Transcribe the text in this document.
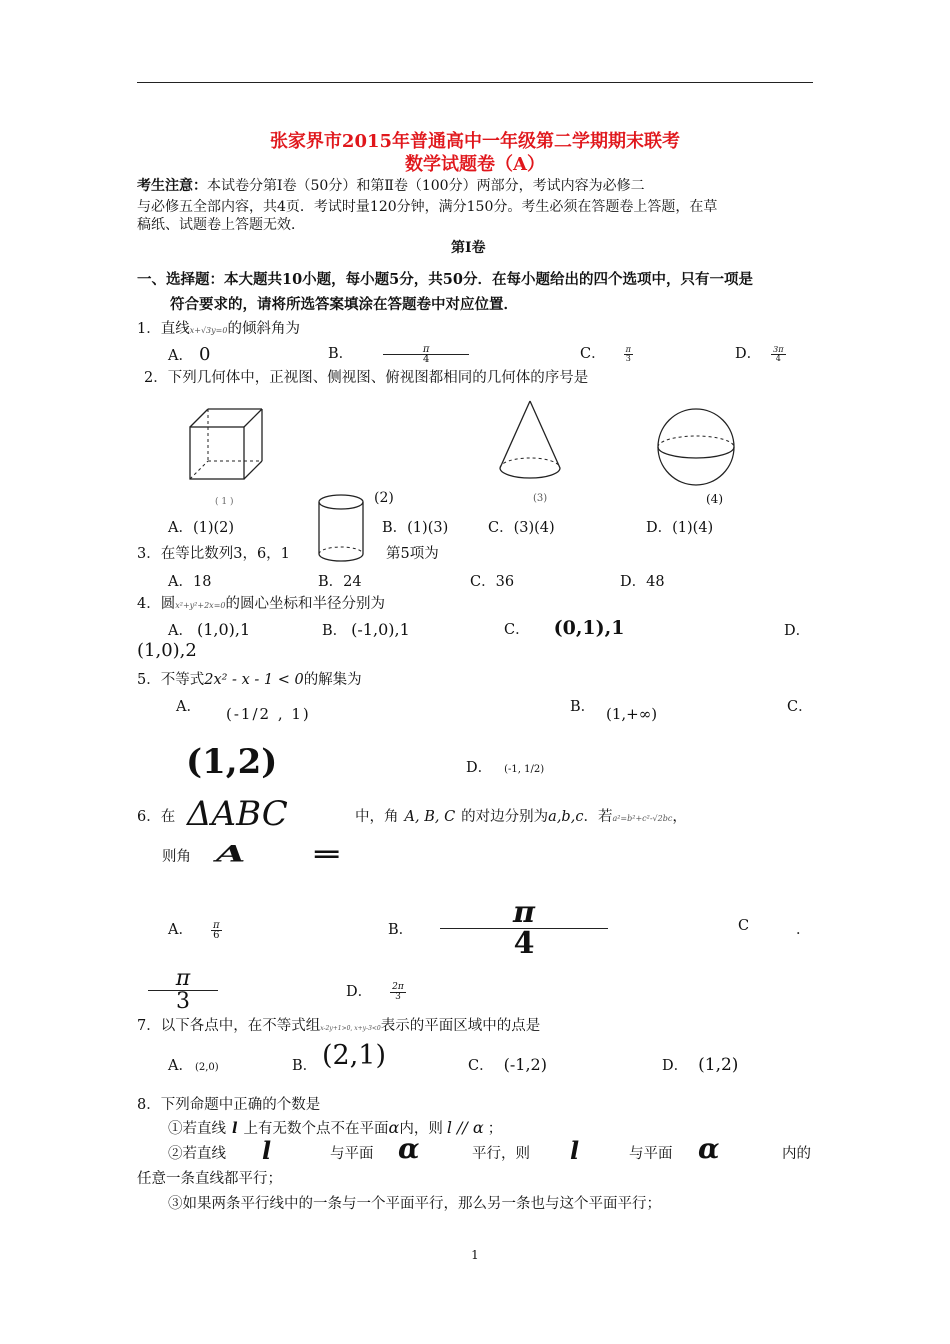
张家界市2015年普通高中一年级第二学期期末联考
数学试题卷（A）
考生注意：本试卷分第Ⅰ卷（50分）和第Ⅱ卷（100分）两部分，考试内容为必修二
与必修五全部内容，共4页．考试时量120分钟，满分150分。考生必须在答题卷上答题，在草
稿纸、试题卷上答题无效．
第Ⅰ卷
一、选择题：本大题共10小题，每小题5分，共50分．在每小题给出的四个选项中，只有一项是
符合要求的，请将所选答案填涂在答题卷中对应位置．
1．直线x+√3y=0的倾斜角为
A． 0	B．	$\frac{\pi}{4}$	C． $\frac{\pi}{3}$	D． $\frac{3\pi}{4}$
2．下列几何体中，正视图、侧视图、俯视图都相同的几何体的序号是
( 1 )	(2)	(3)	(4)
A．(1)(2)	B．(1)(3)	C．(3)(4)	D．(1)(4)
3．在等比数列3，6，1	第5项为
A．18	B．24	C．36	D．48
4．圆x²+y²+2x=0的圆心坐标和半径分别为
A． (1,0),1	B． (-1,0),1	C． (0,1),1	D．
(1,0),2
5．不等式2x² - x - 1 < 0的解集为
A． (-1/2 , 1)	B． (1,+∞)	C．
(1,2)	D． (-1, 1/2)
6．在 ΔABC	中，角 A, B, C 的对边分别为a,b,c．若a²=b²+c²-√2bc，
则角 A =
A． $\frac{\pi}{6}$	B． $\frac{\pi}{4}$	C	．
$\frac{\pi}{3}$	D． $\frac{2\pi}{3}$
7．以下各点中，在不等式组x-2y+1>0, x+y-3<0表示的平面区域中的点是
A． (2,0)	B． (2,1)	C． (-1,2)	D． (1,2)
8．下列命题中正确的个数是
①若直线 l 上有无数个点不在平面α内，则 l // α ；
②若直线 l	与平面 α	平行，则 l	与平面 α	内的
任意一条直线都平行；
③如果两条平行线中的一条与一个平面平行，那么另一条也与这个平面平行；
1
